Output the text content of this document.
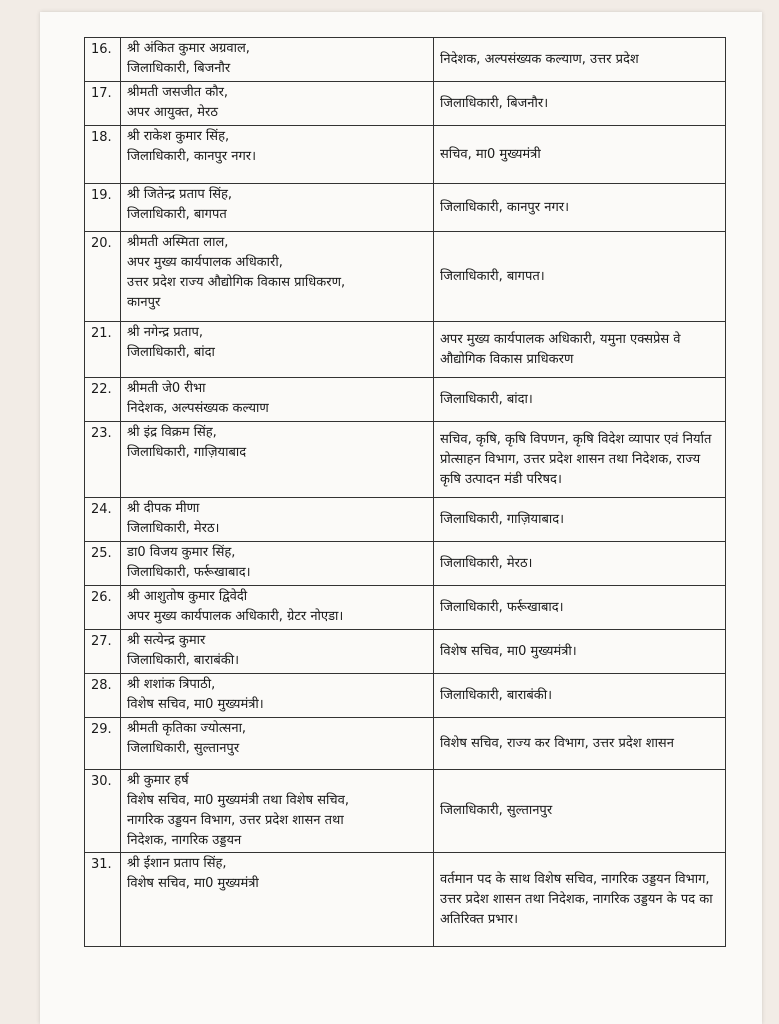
16.	श्री अंकित कुमार अग्रवाल,
जिलाधिकारी, बिजनौर	निदेशक, अल्पसंख्यक कल्याण, उत्तर प्रदेश

17.	श्रीमती जसजीत कौर,
अपर आयुक्त, मेरठ	जिलाधिकारी, बिजनौर।

18.	श्री राकेश कुमार सिंह,
जिलाधिकारी, कानपुर नगर।	सचिव, मा0 मुख्यमंत्री

19.	श्री जितेन्द्र प्रताप सिंह,
जिलाधिकारी, बागपत	जिलाधिकारी, कानपुर नगर।

20.	श्रीमती अस्मिता लाल,
अपर मुख्य कार्यपालक अधिकारी,
उत्तर प्रदेश राज्य औद्योगिक विकास प्राधिकरण,
कानपुर	जिलाधिकारी, बागपत।

21.	श्री नगेन्द्र प्रताप,
जिलाधिकारी, बांदा	अपर मुख्य कार्यपालक अधिकारी, यमुना एक्सप्रेस वे औद्योगिक विकास प्राधिकरण

22.	श्रीमती जे0 रीभा
निदेशक, अल्पसंख्यक कल्याण	जिलाधिकारी, बांदा।

23.	श्री इंद्र विक्रम सिंह,
जिलाधिकारी, गाज़ियाबाद	सचिव, कृषि, कृषि विपणन, कृषि विदेश व्यापार एवं निर्यात प्रोत्साहन विभाग, उत्तर प्रदेश शासन तथा निदेशक, राज्य कृषि उत्पादन मंडी परिषद।

24.	श्री दीपक मीणा
जिलाधिकारी, मेरठ।	जिलाधिकारी, गाज़ियाबाद।

25.	डा0 विजय कुमार सिंह,
जिलाधिकारी, फर्रूखाबाद।	जिलाधिकारी, मेरठ।

26.	श्री आशुतोष कुमार द्विवेदी
अपर मुख्य कार्यपालक अधिकारी, ग्रेटर नोएडा।	जिलाधिकारी, फर्रूखाबाद।

27.	श्री सत्येन्द्र कुमार
जिलाधिकारी, बाराबंकी।	विशेष सचिव, मा0 मुख्यमंत्री।

28.	श्री शशांक त्रिपाठी,
विशेष सचिव, मा0 मुख्यमंत्री।	जिलाधिकारी, बाराबंकी।

29.	श्रीमती कृतिका ज्योत्सना,
जिलाधिकारी, सुल्तानपुर	विशेष सचिव, राज्य कर विभाग, उत्तर प्रदेश शासन

30.	श्री कुमार हर्ष
विशेष सचिव, मा0 मुख्यमंत्री तथा विशेष सचिव,
नागरिक उड्डयन विभाग, उत्तर प्रदेश शासन तथा
निदेशक, नागरिक उड्डयन	जिलाधिकारी, सुल्तानपुर

31.	श्री ईशान प्रताप सिंह,
विशेष सचिव, मा0 मुख्यमंत्री	वर्तमान पद के साथ विशेष सचिव, नागरिक उड्डयन विभाग, उत्तर प्रदेश शासन तथा निदेशक, नागरिक उड्डयन के पद का अतिरिक्त प्रभार।
